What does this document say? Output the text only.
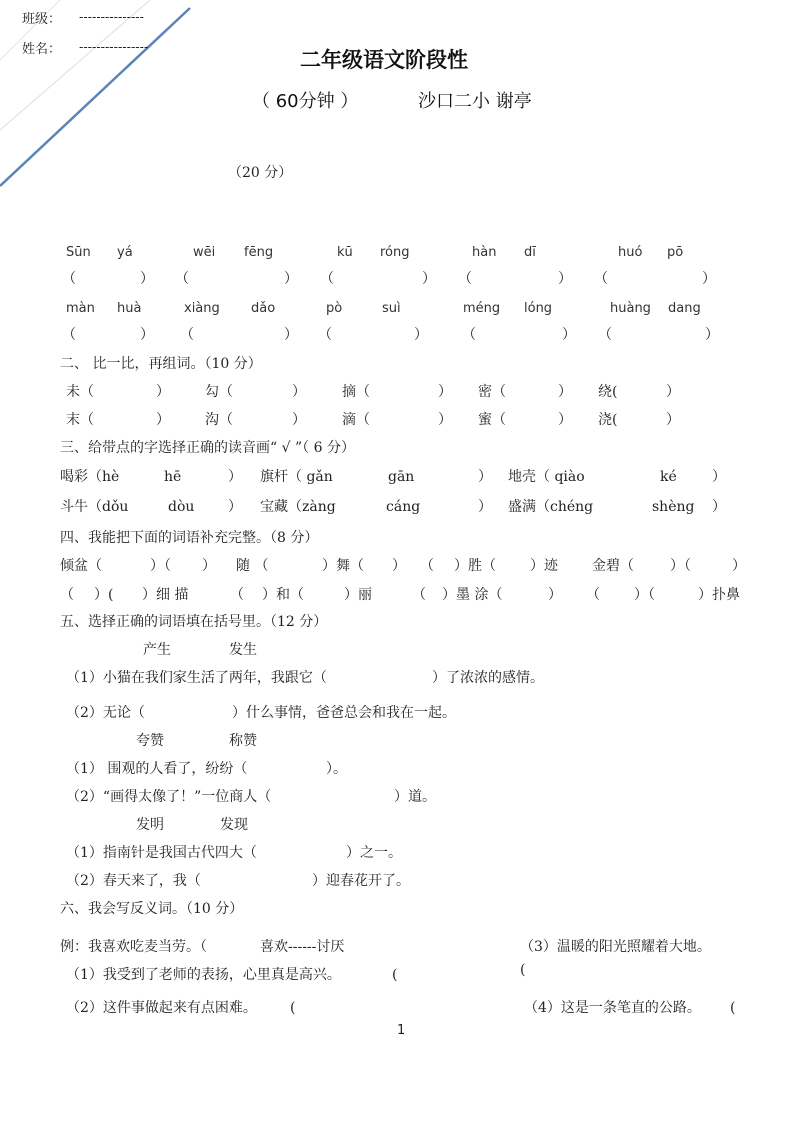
班级： ---------------
姓名： ----------------
二年级语文阶段性
（ 60分钟 ）	沙口二小 谢亭
（20 分）
Sūn yá	wēi fēng	kū róng	hàn dī	huó pō
（	） （	） （	） （	） （	）
màn huà	xiàng dǎo	pò	suì	méng lóng	huàng dang
（	） （	） （	） （	） （	）
二、 比一比，再组词。（10 分）
未（	）	勾（	）	摘（	） 密（	） 绕(	）
末（	）	沟（	）	滴（	） 蜜（	） 浇(	）
三、给带点的字选择正确的读音画“ √ ”（ 6 分）
喝彩（hè	hē	） 旗杆（ gǎn	gān	） 地壳（ qiào	ké	）
斗牛（dǒu	dòu ） 宝藏（zàng	cáng	） 盛满（chéng	shèng ）
四、我能把下面的词语补充完整。（8 分）
倾盆（	）（ ） 随 （	）舞（ ） （ ）胜（ ）迹 金碧（	）（	）
（ ）( ）细 描	（ ）和（	）丽	（ ）墨 涂（	） （ ）（	）扑鼻
五、选择正确的词语填在括号里。（12 分）
产生	发生
（1）小猫在我们家生活了两年，我跟它（	）了浓浓的感情。
（2）无论（	）什么事情，爸爸总会和我在一起。
夸赞	称赞
（1） 围观的人看了，纷纷（	）。
（2）“画得太像了！”一位商人（	）道。
发明	发现
（1）指南针是我国古代四大（	）之一。
（2）春天来了，我（	）迎春花开了。
六、我会写反义词。（10 分）
例：我喜欢吃麦当劳。（	喜欢------讨厌	（3）温暖的阳光照耀着大地。
(
（1）我受到了老师的表扬，心里真是高兴。	(
（2）这件事做起来有点困难。 (	（4）这是一条笔直的公路。 (
1
